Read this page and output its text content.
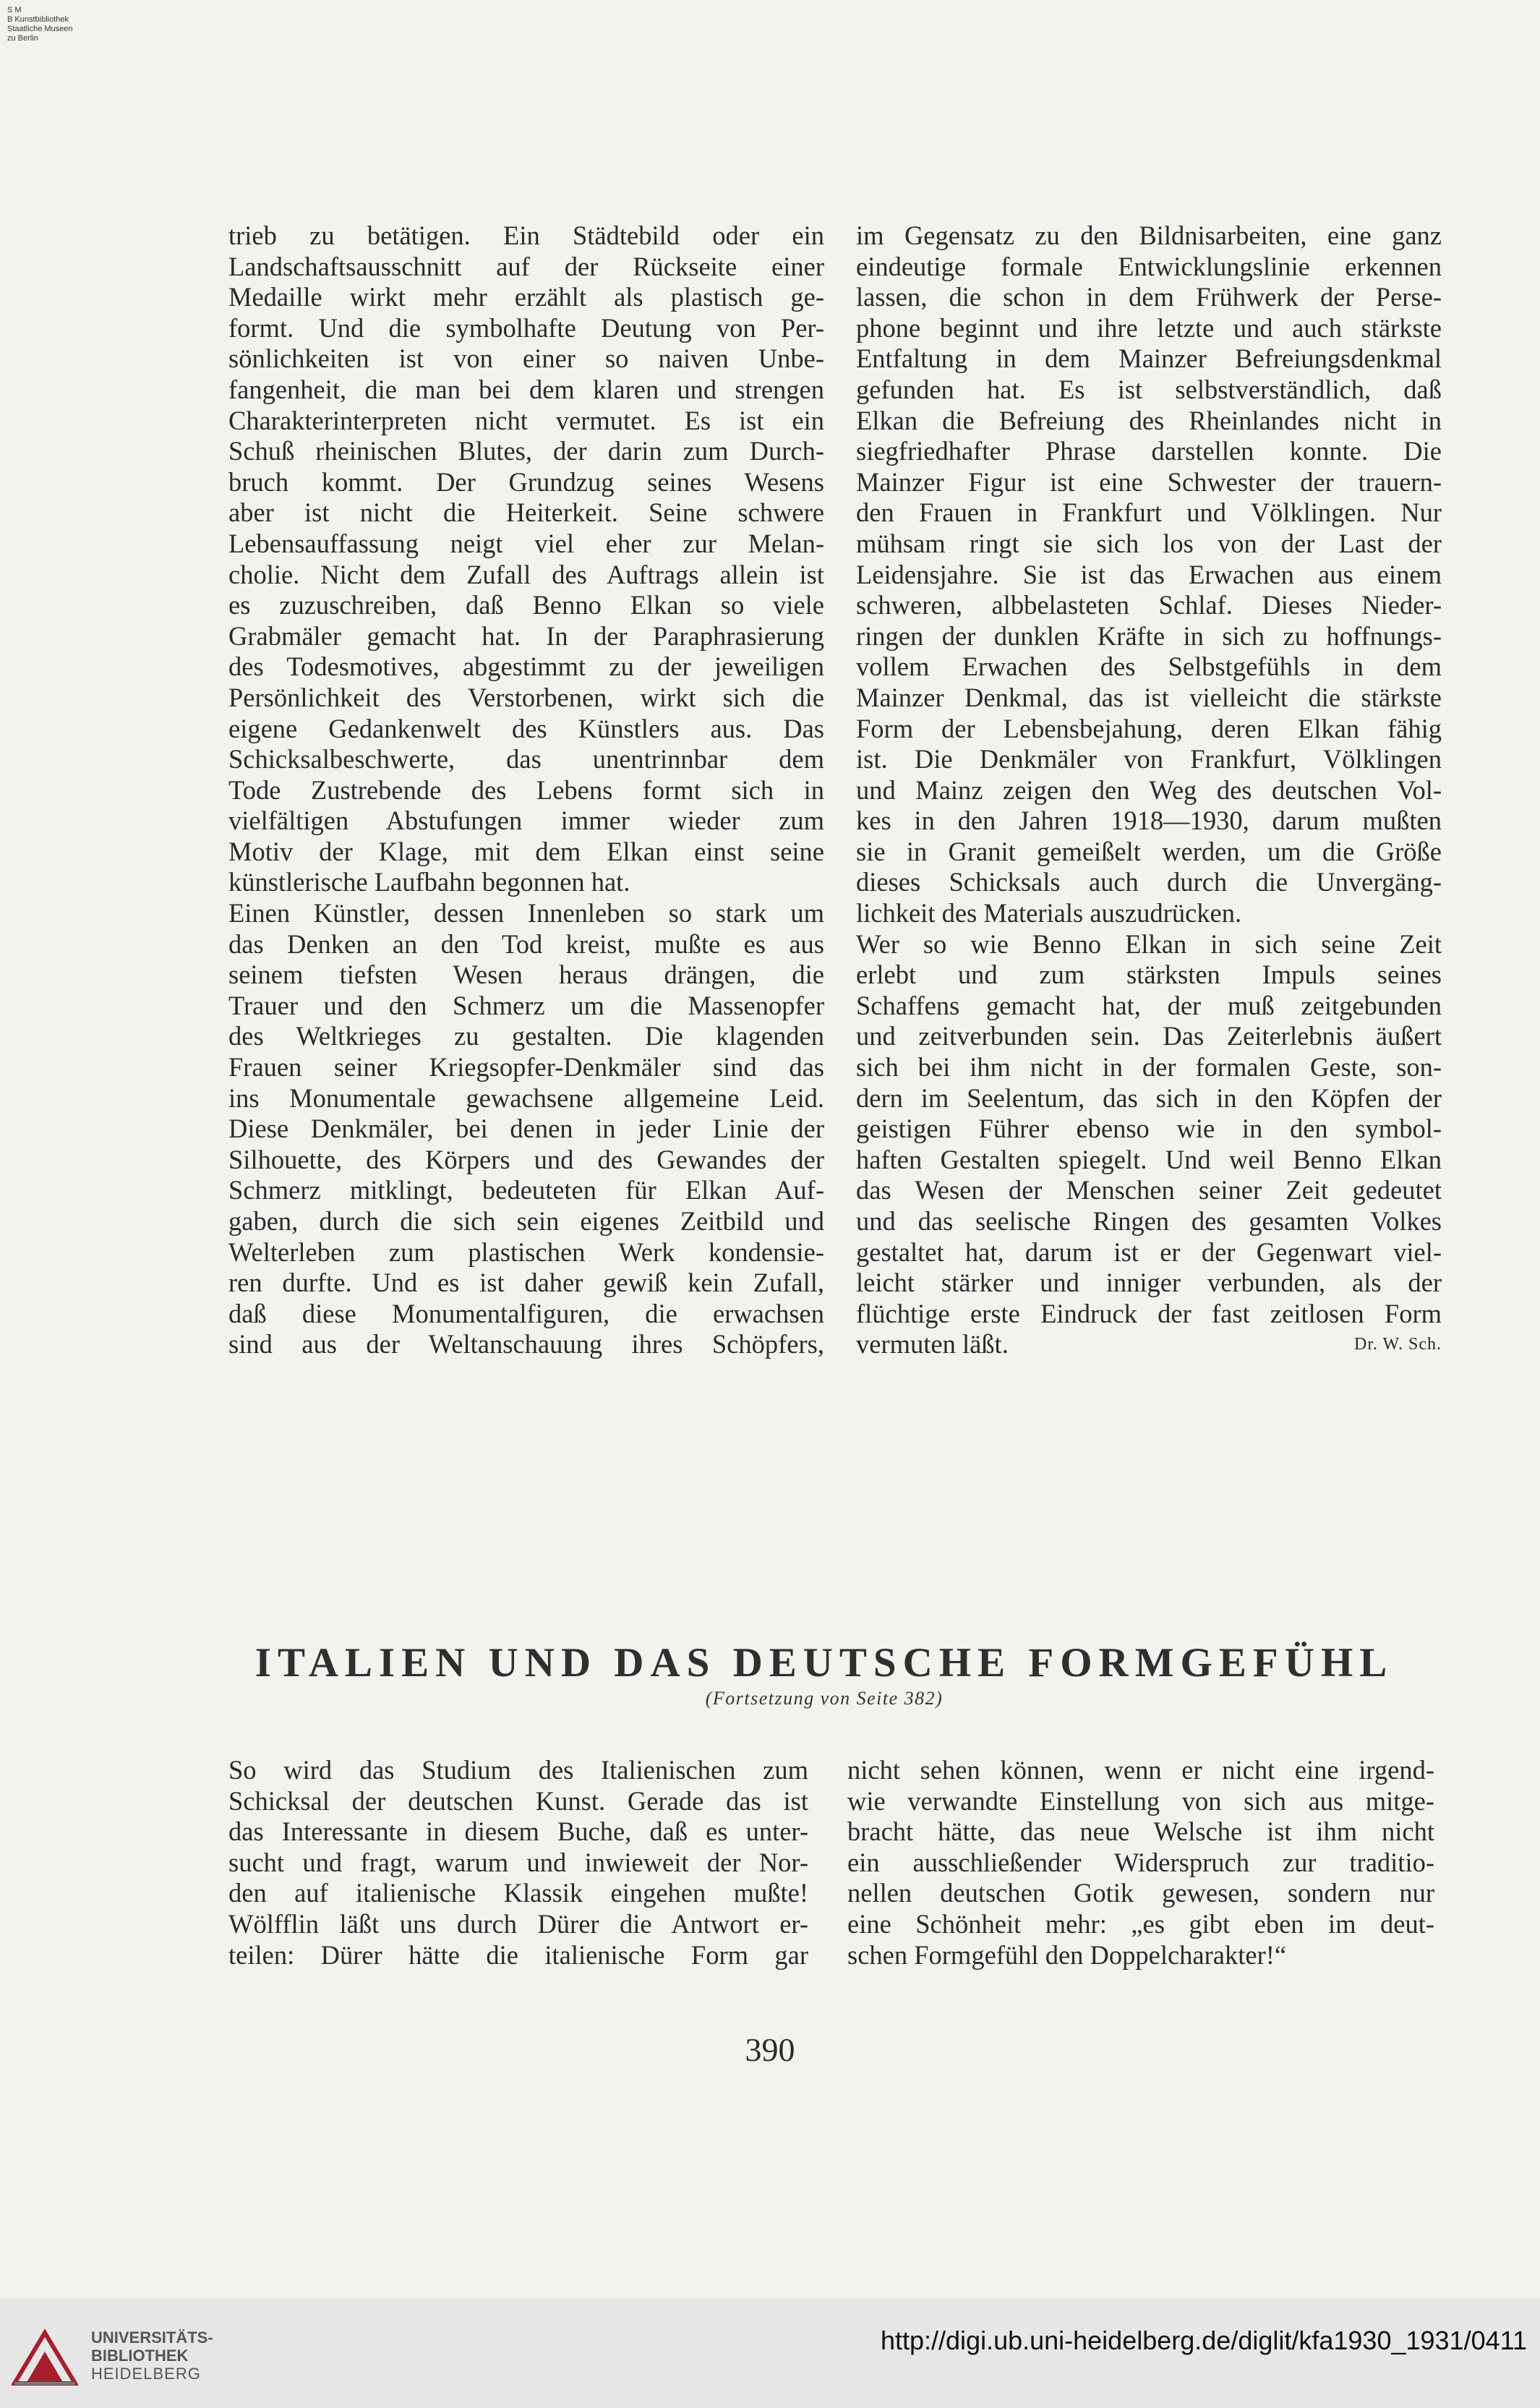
S M
B Kunstbibliothek
Staatliche Museen
zu Berlin
trieb zu betätigen. Ein Städtebild oder ein
Landschaftsausschnitt auf der Rückseite einer
Medaille wirkt mehr erzählt als plastisch ge-
formt. Und die symbolhafte Deutung von Per-
sönlichkeiten ist von einer so naiven Unbe-
fangenheit, die man bei dem klaren und strengen
Charakterinterpreten nicht vermutet. Es ist ein
Schuß rheinischen Blutes, der darin zum Durch-
bruch kommt. Der Grundzug seines Wesens
aber ist nicht die Heiterkeit. Seine schwere
Lebensauffassung neigt viel eher zur Melan-
cholie. Nicht dem Zufall des Auftrags allein ist
es zuzuschreiben, daß Benno Elkan so viele
Grabmäler gemacht hat. In der Paraphrasierung
des Todesmotives, abgestimmt zu der jeweiligen
Persönlichkeit des Verstorbenen, wirkt sich die
eigene Gedankenwelt des Künstlers aus. Das
Schicksalbeschwerte, das unentrinnbar dem
Tode Zustrebende des Lebens formt sich in
vielfältigen Abstufungen immer wieder zum
Motiv der Klage, mit dem Elkan einst seine
künstlerische Laufbahn begonnen hat.
Einen Künstler, dessen Innenleben so stark um
das Denken an den Tod kreist, mußte es aus
seinem tiefsten Wesen heraus drängen, die
Trauer und den Schmerz um die Massenopfer
des Weltkrieges zu gestalten. Die klagenden
Frauen seiner Kriegsopfer-Denkmäler sind das
ins Monumentale gewachsene allgemeine Leid.
Diese Denkmäler, bei denen in jeder Linie der
Silhouette, des Körpers und des Gewandes der
Schmerz mitklingt, bedeuteten für Elkan Auf-
gaben, durch die sich sein eigenes Zeitbild und
Welterleben zum plastischen Werk kondensie-
ren durfte. Und es ist daher gewiß kein Zufall,
daß diese Monumentalfiguren, die erwachsen
sind aus der Weltanschauung ihres Schöpfers,
im Gegensatz zu den Bildnisarbeiten, eine ganz
eindeutige formale Entwicklungslinie erkennen
lassen, die schon in dem Frühwerk der Perse-
phone beginnt und ihre letzte und auch stärkste
Entfaltung in dem Mainzer Befreiungsdenkmal
gefunden hat. Es ist selbstverständlich, daß
Elkan die Befreiung des Rheinlandes nicht in
siegfriedhafter Phrase darstellen konnte. Die
Mainzer Figur ist eine Schwester der trauern-
den Frauen in Frankfurt und Völklingen. Nur
mühsam ringt sie sich los von der Last der
Leidensjahre. Sie ist das Erwachen aus einem
schweren, albbelasteten Schlaf. Dieses Nieder-
ringen der dunklen Kräfte in sich zu hoffnungs-
vollem Erwachen des Selbstgefühls in dem
Mainzer Denkmal, das ist vielleicht die stärkste
Form der Lebensbejahung, deren Elkan fähig
ist. Die Denkmäler von Frankfurt, Völklingen
und Mainz zeigen den Weg des deutschen Vol-
kes in den Jahren 1918—1930, darum mußten
sie in Granit gemeißelt werden, um die Größe
dieses Schicksals auch durch die Unvergäng-
lichkeit des Materials auszudrücken.
Wer so wie Benno Elkan in sich seine Zeit
erlebt und zum stärksten Impuls seines
Schaffens gemacht hat, der muß zeitgebunden
und zeitverbunden sein. Das Zeiterlebnis äußert
sich bei ihm nicht in der formalen Geste, son-
dern im Seelentum, das sich in den Köpfen der
geistigen Führer ebenso wie in den symbol-
haften Gestalten spiegelt. Und weil Benno Elkan
das Wesen der Menschen seiner Zeit gedeutet
und das seelische Ringen des gesamten Volkes
gestaltet hat, darum ist er der Gegenwart viel-
leicht stärker und inniger verbunden, als der
flüchtige erste Eindruck der fast zeitlosen Form
vermuten läßt.	Dr. W. Sch.
ITALIEN UND DAS DEUTSCHE FORMGEFÜHL
(Fortsetzung von Seite 382)
So wird das Studium des Italienischen zum
Schicksal der deutschen Kunst. Gerade das ist
das Interessante in diesem Buche, daß es unter-
sucht und fragt, warum und inwieweit der Nor-
den auf italienische Klassik eingehen mußte!
Wölfflin läßt uns durch Dürer die Antwort er-
teilen: Dürer hätte die italienische Form gar
nicht sehen können, wenn er nicht eine irgend-
wie verwandte Einstellung von sich aus mitge-
bracht hätte, das neue Welsche ist ihm nicht
ein ausschließender Widerspruch zur traditio-
nellen deutschen Gotik gewesen, sondern nur
eine Schönheit mehr: „es gibt eben im deut-
schen Formgefühl den Doppelcharakter!“
390
UNIVERSITÄTS-
BIBLIOTHEK
HEIDELBERG
http://digi.ub.uni-heidelberg.de/diglit/kfa1930_1931/0411
